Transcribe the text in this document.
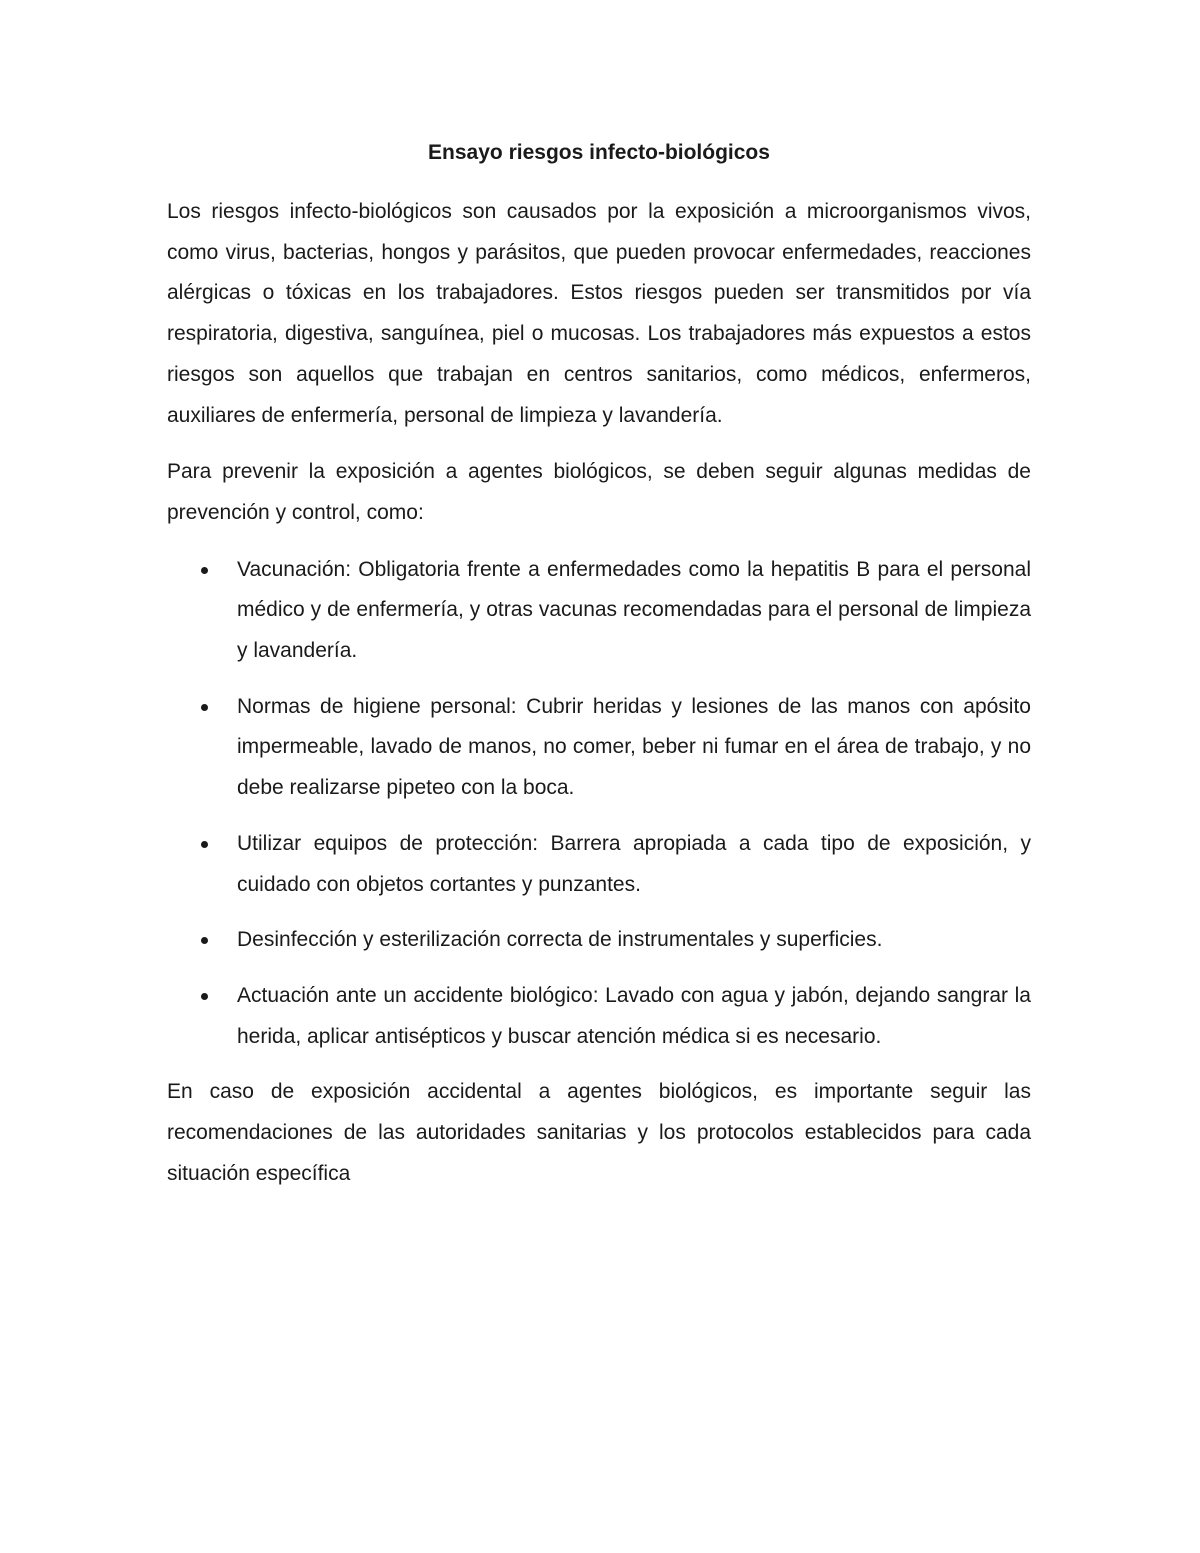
Ensayo riesgos infecto-biológicos

Los riesgos infecto-biológicos son causados por la exposición a microorganismos vivos, como virus, bacterias, hongos y parásitos, que pueden provocar enfermedades, reacciones alérgicas o tóxicas en los trabajadores. Estos riesgos pueden ser transmitidos por vía respiratoria, digestiva, sanguínea, piel o mucosas. Los trabajadores más expuestos a estos riesgos son aquellos que trabajan en centros sanitarios, como médicos, enfermeros, auxiliares de enfermería, personal de limpieza y lavandería.

Para prevenir la exposición a agentes biológicos, se deben seguir algunas medidas de prevención y control, como:

Vacunación: Obligatoria frente a enfermedades como la hepatitis B para el personal médico y de enfermería, y otras vacunas recomendadas para el personal de limpieza y lavandería.
Normas de higiene personal: Cubrir heridas y lesiones de las manos con apósito impermeable, lavado de manos, no comer, beber ni fumar en el área de trabajo, y no debe realizarse pipeteo con la boca.
Utilizar equipos de protección: Barrera apropiada a cada tipo de exposición, y cuidado con objetos cortantes y punzantes.
Desinfección y esterilización correcta de instrumentales y superficies.
Actuación ante un accidente biológico: Lavado con agua y jabón, dejando sangrar la herida, aplicar antisépticos y buscar atención médica si es necesario.

En caso de exposición accidental a agentes biológicos, es importante seguir las recomendaciones de las autoridades sanitarias y los protocolos establecidos para cada situación específica
